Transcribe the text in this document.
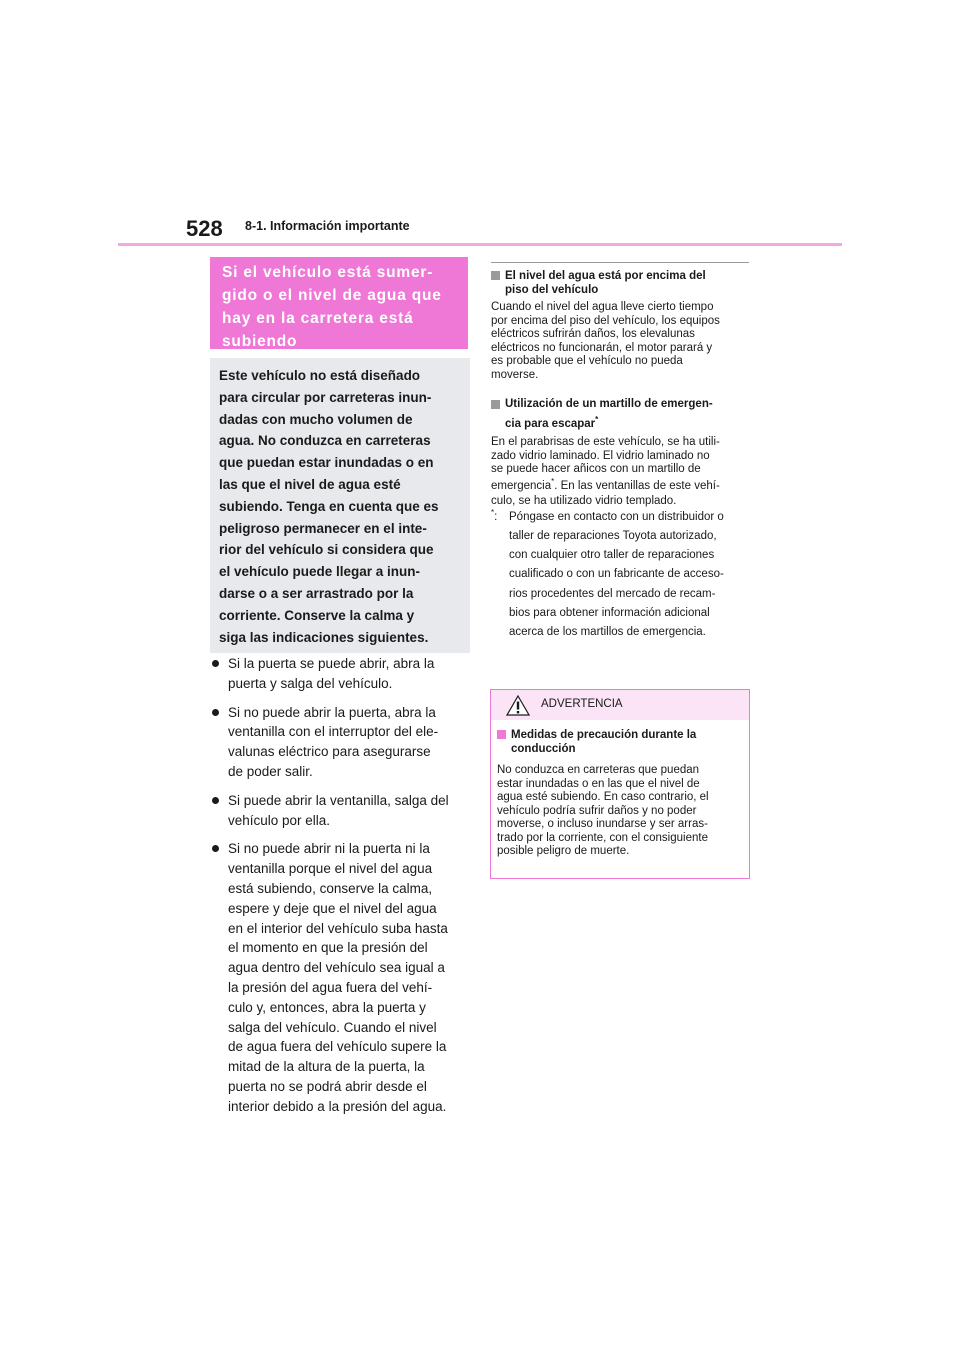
528 8-1. Información importante
Si el vehículo está sumer-
gido o el nivel de agua que
hay en la carretera está
subiendo
Este vehículo no está diseñado
para circular por carreteras inun-
dadas con mucho volumen de
agua. No conduzca en carreteras
que puedan estar inundadas o en
las que el nivel de agua esté
subiendo. Tenga en cuenta que es
peligroso permanecer en el inte-
rior del vehículo si considera que
el vehículo puede llegar a inun-
darse o a ser arrastrado por la
corriente. Conserve la calma y
siga las indicaciones siguientes.
Si la puerta se puede abrir, abra la
puerta y salga del vehículo.
Si no puede abrir la puerta, abra la
ventanilla con el interruptor del ele-
valunas eléctrico para asegurarse
de poder salir.
Si puede abrir la ventanilla, salga del
vehículo por ella.
Si no puede abrir ni la puerta ni la
ventanilla porque el nivel del agua
está subiendo, conserve la calma,
espere y deje que el nivel del agua
en el interior del vehículo suba hasta
el momento en que la presión del
agua dentro del vehículo sea igual a
la presión del agua fuera del vehí-
culo y, entonces, abra la puerta y
salga del vehículo. Cuando el nivel
de agua fuera del vehículo supere la
mitad de la altura de la puerta, la
puerta no se podrá abrir desde el
interior debido a la presión del agua.
El nivel del agua está por encima del
piso del vehículo
Cuando el nivel del agua lleve cierto tiempo
por encima del piso del vehículo, los equipos
eléctricos sufrirán daños, los elevalunas
eléctricos no funcionarán, el motor parará y
es probable que el vehículo no pueda
moverse.
Utilización de un martillo de emergen-
cia para escapar*
En el parabrisas de este vehículo, se ha utili-
zado vidrio laminado. El vidrio laminado no
se puede hacer añicos con un martillo de
emergencia*. En las ventanillas de este vehí-
culo, se ha utilizado vidrio templado.
*: Póngase en contacto con un distribuidor o
taller de reparaciones Toyota autorizado,
con cualquier otro taller de reparaciones
cualificado o con un fabricante de acceso-
rios procedentes del mercado de recam-
bios para obtener información adicional
acerca de los martillos de emergencia.
ADVERTENCIA
Medidas de precaución durante la
conducción
No conduzca en carreteras que puedan
estar inundadas o en las que el nivel de
agua esté subiendo. En caso contrario, el
vehículo podría sufrir daños y no poder
moverse, o incluso inundarse y ser arras-
trado por la corriente, con el consiguiente
posible peligro de muerte.
